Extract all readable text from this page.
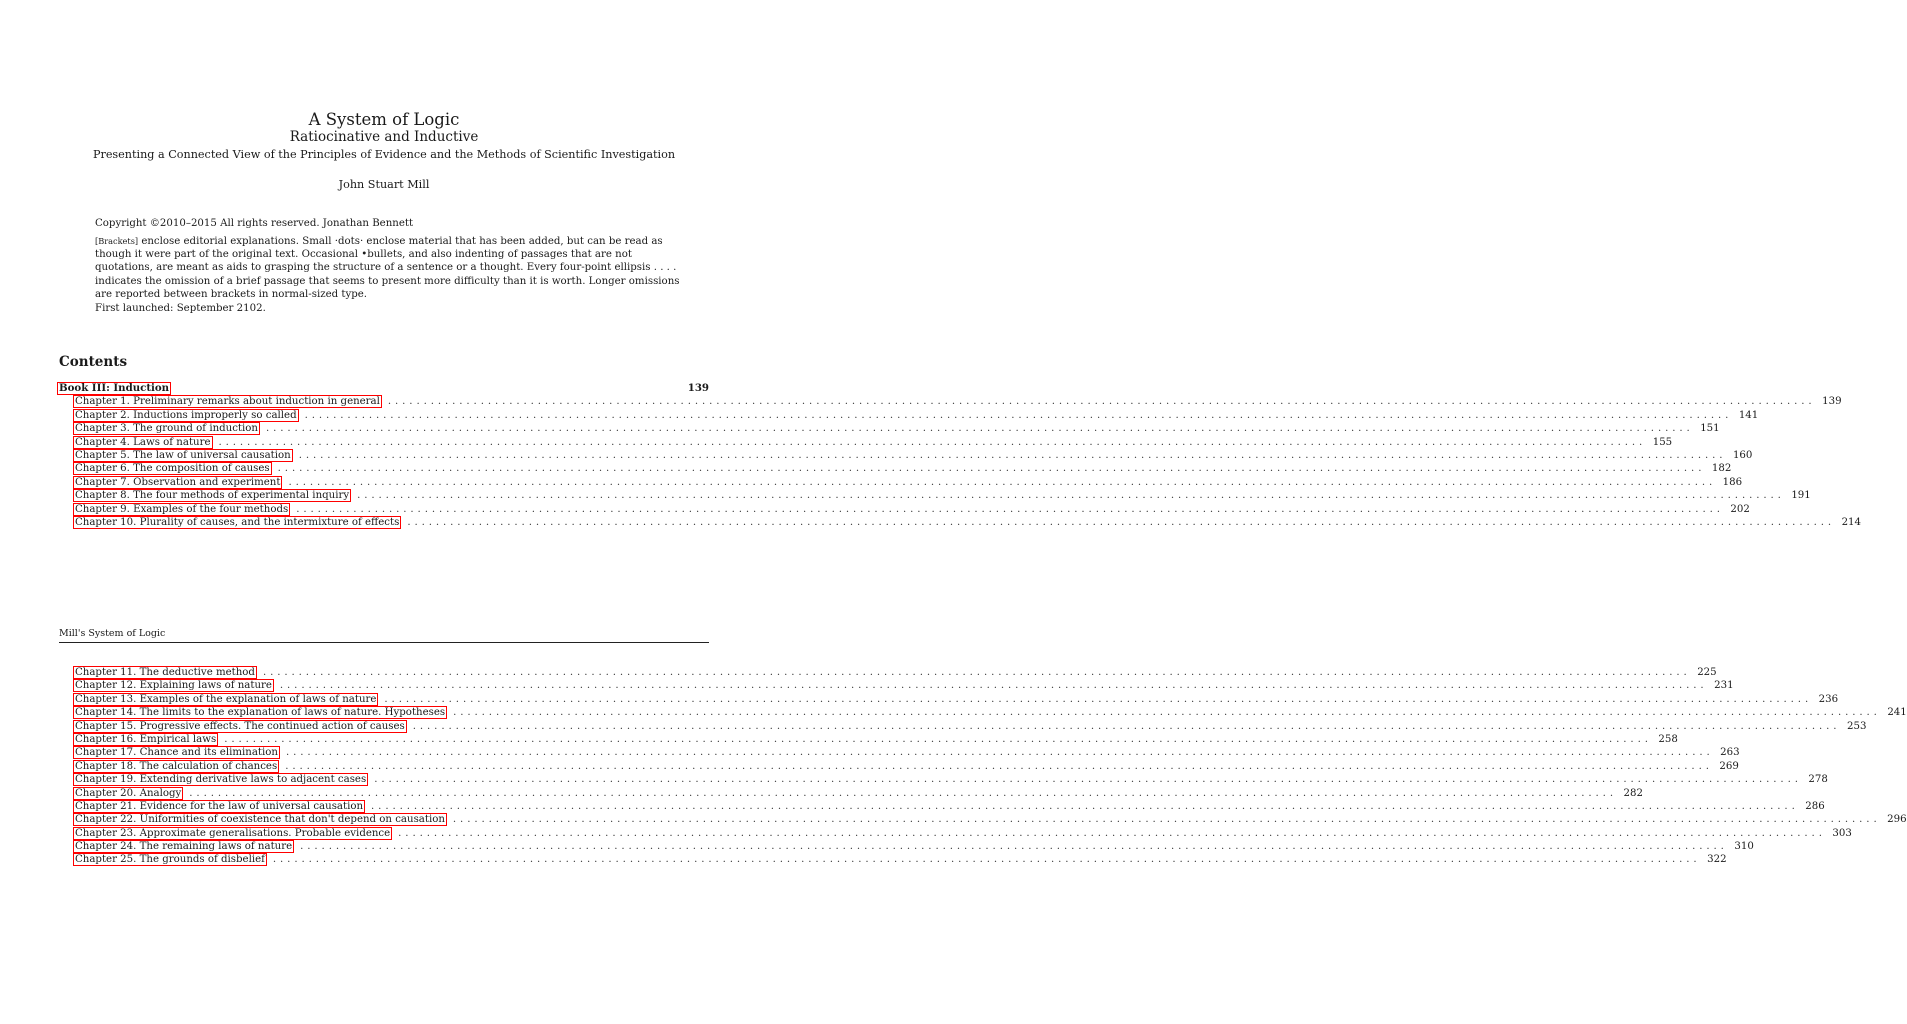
A System of Logic
Ratiocinative and Inductive
Presenting a Connected View of the Principles of Evidence and the Methods of Scientific Investigation
John Stuart Mill
Copyright ©2010–2015 All rights reserved. Jonathan Bennett
[Brackets] enclose editorial explanations. Small ·dots· enclose material that has been added, but can be read as though it were part of the original text. Occasional •bullets, and also indenting of passages that are not quotations, are meant as aids to grasping the structure of a sentence or a thought. Every four-point ellipsis . . . . indicates the omission of a brief passage that seems to present more difficulty than it is worth. Longer omissions are reported between brackets in normal-sized type.
First launched: September 2102.
Contents
Book III: Induction	139
Chapter 1. Preliminary remarks about induction in general ........................................................................................................................................................................................................ 139
Chapter 2. Inductions improperly so called ........................................................................................................................................................................................................ 141
Chapter 3. The ground of induction ........................................................................................................................................................................................................ 151
Chapter 4. Laws of nature ........................................................................................................................................................................................................ 155
Chapter 5. The law of universal causation ........................................................................................................................................................................................................ 160
Chapter 6. The composition of causes ........................................................................................................................................................................................................ 182
Chapter 7. Observation and experiment ........................................................................................................................................................................................................ 186
Chapter 8. The four methods of experimental inquiry ........................................................................................................................................................................................................ 191
Chapter 9. Examples of the four methods ........................................................................................................................................................................................................ 202
Chapter 10. Plurality of causes, and the intermixture of effects ........................................................................................................................................................................................................ 214
Mill's System of Logic
Chapter 11. The deductive method ........................................................................................................................................................................................................ 225
Chapter 12. Explaining laws of nature ........................................................................................................................................................................................................ 231
Chapter 13. Examples of the explanation of laws of nature ........................................................................................................................................................................................................ 236
Chapter 14. The limits to the explanation of laws of nature. Hypotheses ........................................................................................................................................................................................................ 241
Chapter 15. Progressive effects. The continued action of causes ........................................................................................................................................................................................................ 253
Chapter 16. Empirical laws ........................................................................................................................................................................................................ 258
Chapter 17. Chance and its elimination ........................................................................................................................................................................................................ 263
Chapter 18. The calculation of chances ........................................................................................................................................................................................................ 269
Chapter 19. Extending derivative laws to adjacent cases ........................................................................................................................................................................................................ 278
Chapter 20. Analogy ........................................................................................................................................................................................................ 282
Chapter 21. Evidence for the law of universal causation ........................................................................................................................................................................................................ 286
Chapter 22. Uniformities of coexistence that don't depend on causation ........................................................................................................................................................................................................ 296
Chapter 23. Approximate generalisations. Probable evidence ........................................................................................................................................................................................................ 303
Chapter 24. The remaining laws of nature ........................................................................................................................................................................................................ 310
Chapter 25. The grounds of disbelief ........................................................................................................................................................................................................ 322
